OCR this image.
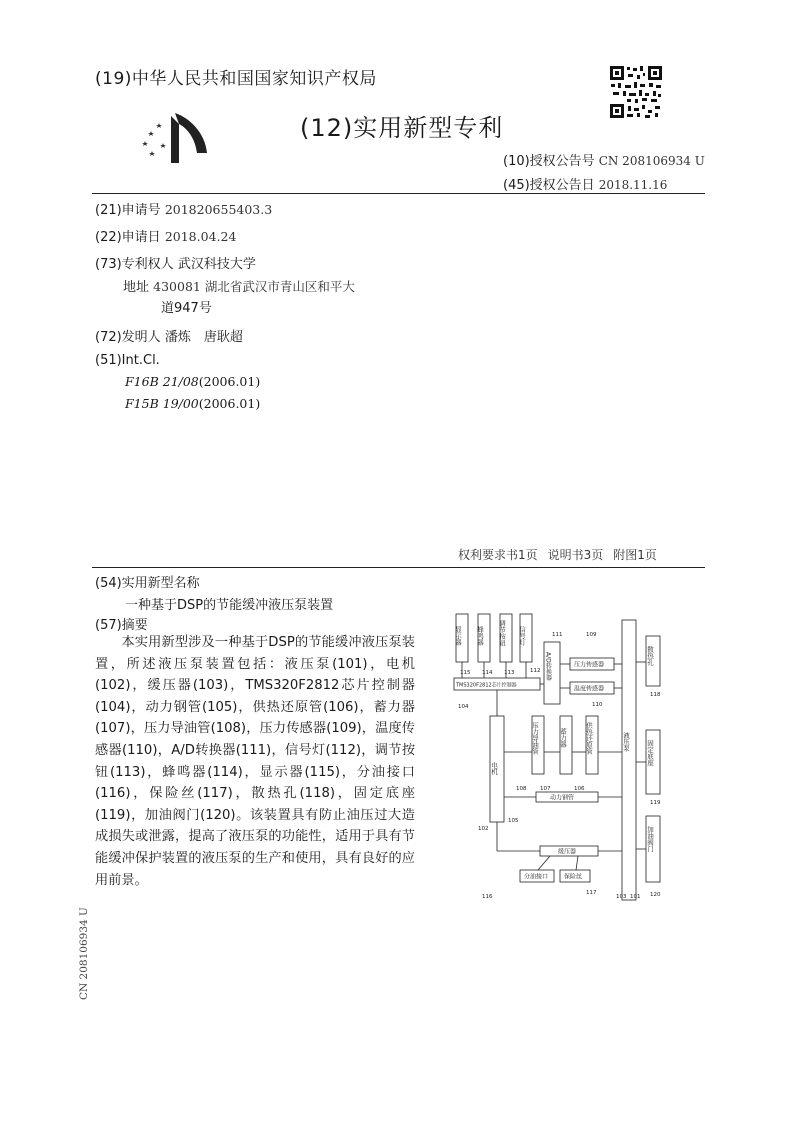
(19)中华人民共和国国家知识产权局
(12)实用新型专利
(10)授权公告号 CN 208106934 U
(45)授权公告日 2018.11.16
(21)申请号 201820655403.3
(22)申请日 2018.04.24
(73)专利权人 武汉科技大学
地址 430081 湖北省武汉市青山区和平大
道947号
(72)发明人 潘炼　唐耿超
(51)Int.Cl.
F16B 21/08(2006.01)
F15B 19/00(2006.01)
权利要求书1页 说明书3页 附图1页
(54)实用新型名称
一种基于DSP的节能缓冲液压泵装置
(57)摘要
本实用新型涉及一种基于DSP的节能缓冲液压泵装置，所述液压泵装置包括：液压泵(101)，电机(102)，缓压器(103)，TMS320F2812芯片控制器(104)，动力钢管(105)，供热还原管(106)，蓄力器(107)，压力导油管(108)，压力传感器(109)，温度传感器(110)，A/D转换器(111)，信号灯(112)，调节按钮(113)，蜂鸣器(114)，显示器(115)，分油接口(116)，保险丝(117)，散热孔(118)，固定底座(119)，加油阀门(120)。该装置具有防止油压过大造成损失或泄露，提高了液压泵的功能性，适用于具有节能缓冲保护装置的液压泵的生产和使用，具有良好的应用前景。
显示器 蜂鸣器 调节按钮 信号灯
TMS320F2812芯片控制器
A/D转换器	压力传感器
温度传感器
液压泵
散热孔
固定底座
加油阀门
电机
压力导油管	蓄力器	供热还原管
动力钢管
缓压器
分油接口	保险丝
115 114 113	112
111	109
110
104
108 107	106
105
102
118
119
120
116
117
103 101
CN 208106934 U
